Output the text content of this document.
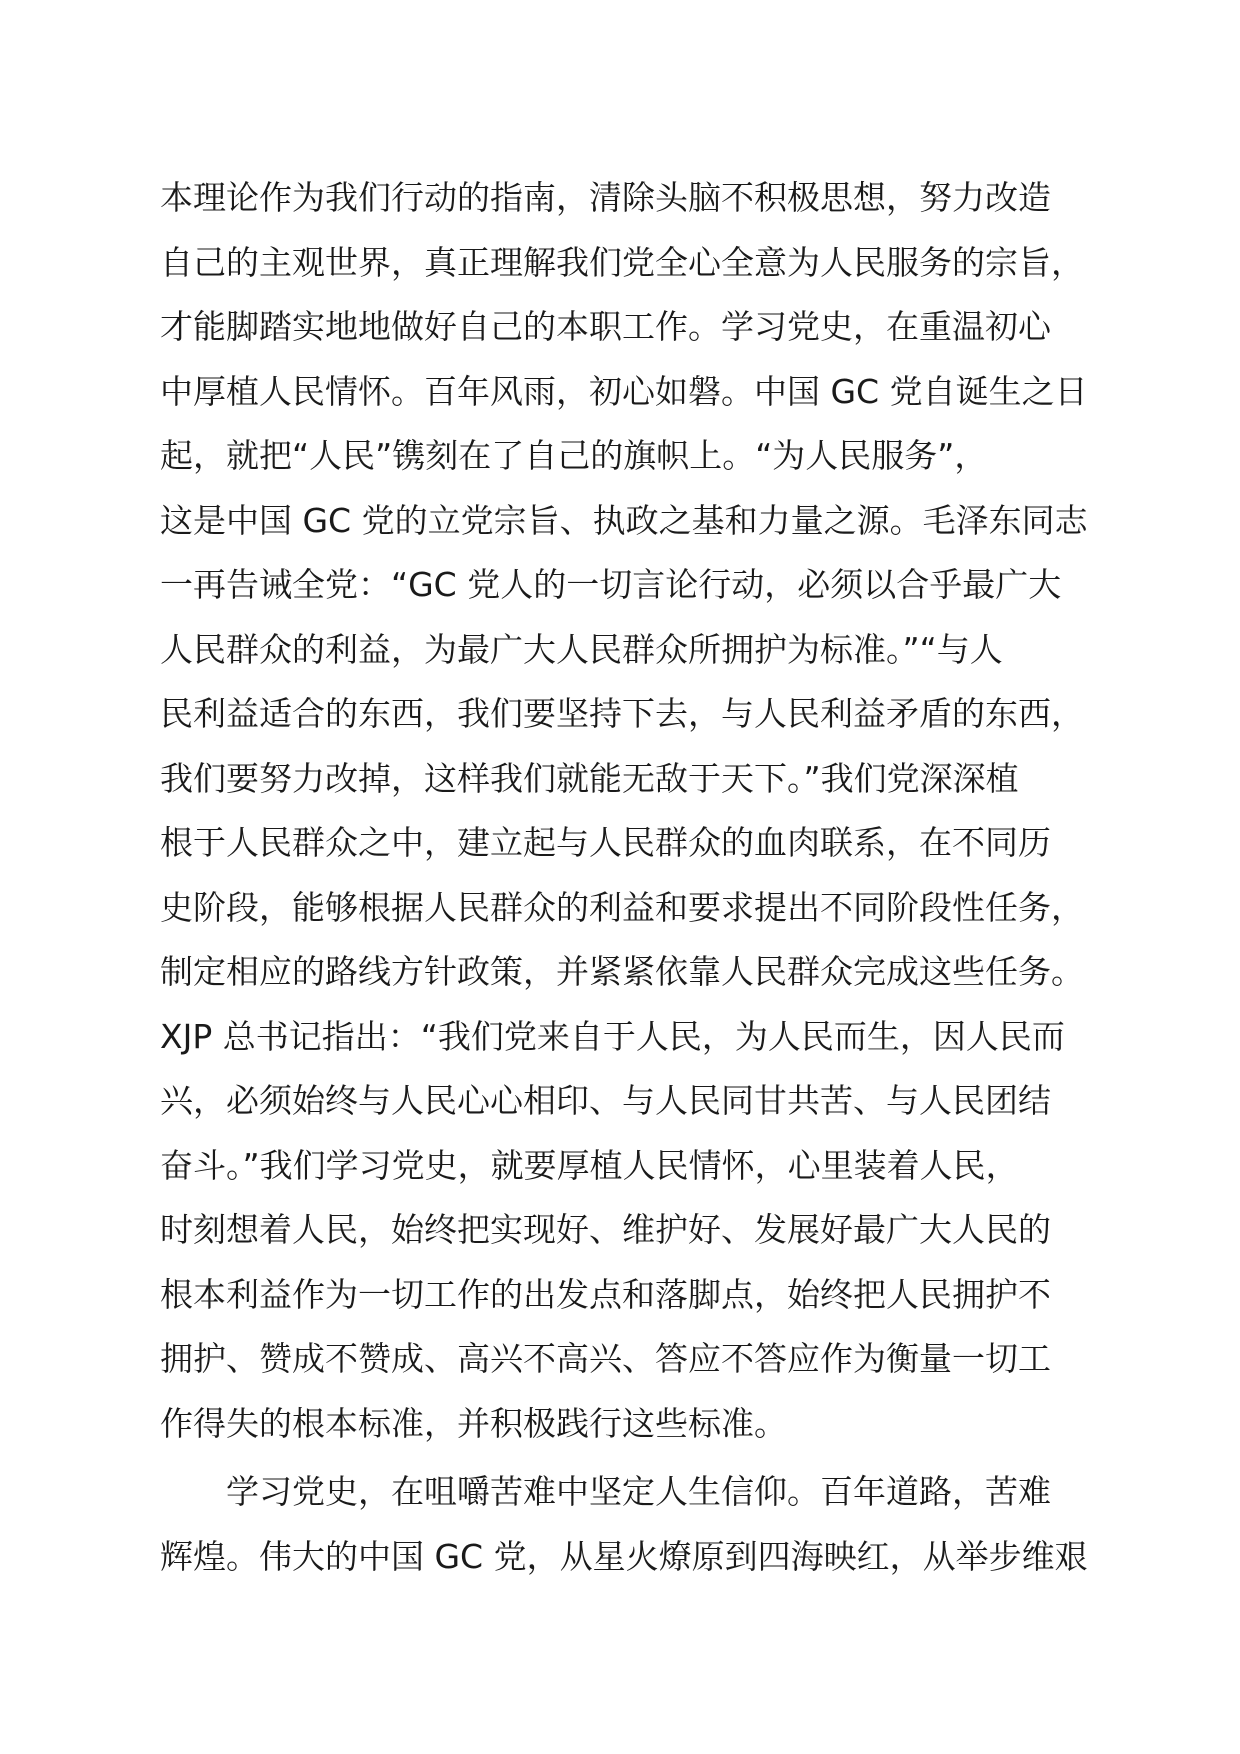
本理论作为我们行动的指南，清除头脑不积极思想，努力改造
自己的主观世界，真正理解我们党全心全意为人民服务的宗旨，
才能脚踏实地地做好自己的本职工作。学习党史，在重温初心
中厚植人民情怀。百年风雨，初心如磐。中国 GC 党自诞生之日
起，就把“人民”镌刻在了自己的旗帜上。“为人民服务”，
这是中国 GC 党的立党宗旨、执政之基和力量之源。毛泽东同志
一再告诫全党：“GC 党人的一切言论行动，必须以合乎最广大
人民群众的利益，为最广大人民群众所拥护为标准。”“与人
民利益适合的东西，我们要坚持下去，与人民利益矛盾的东西，
我们要努力改掉，这样我们就能无敌于天下。”我们党深深植
根于人民群众之中，建立起与人民群众的血肉联系，在不同历
史阶段，能够根据人民群众的利益和要求提出不同阶段性任务，
制定相应的路线方针政策，并紧紧依靠人民群众完成这些任务。
XJP 总书记指出：“我们党来自于人民，为人民而生，因人民而
兴，必须始终与人民心心相印、与人民同甘共苦、与人民团结
奋斗。”我们学习党史，就要厚植人民情怀，心里装着人民，
时刻想着人民，始终把实现好、维护好、发展好最广大人民的
根本利益作为一切工作的出发点和落脚点，始终把人民拥护不
拥护、赞成不赞成、高兴不高兴、答应不答应作为衡量一切工
作得失的根本标准，并积极践行这些标准。
学习党史，在咀嚼苦难中坚定人生信仰。百年道路，苦难
辉煌。伟大的中国 GC 党，从星火燎原到四海映红，从举步维艰
